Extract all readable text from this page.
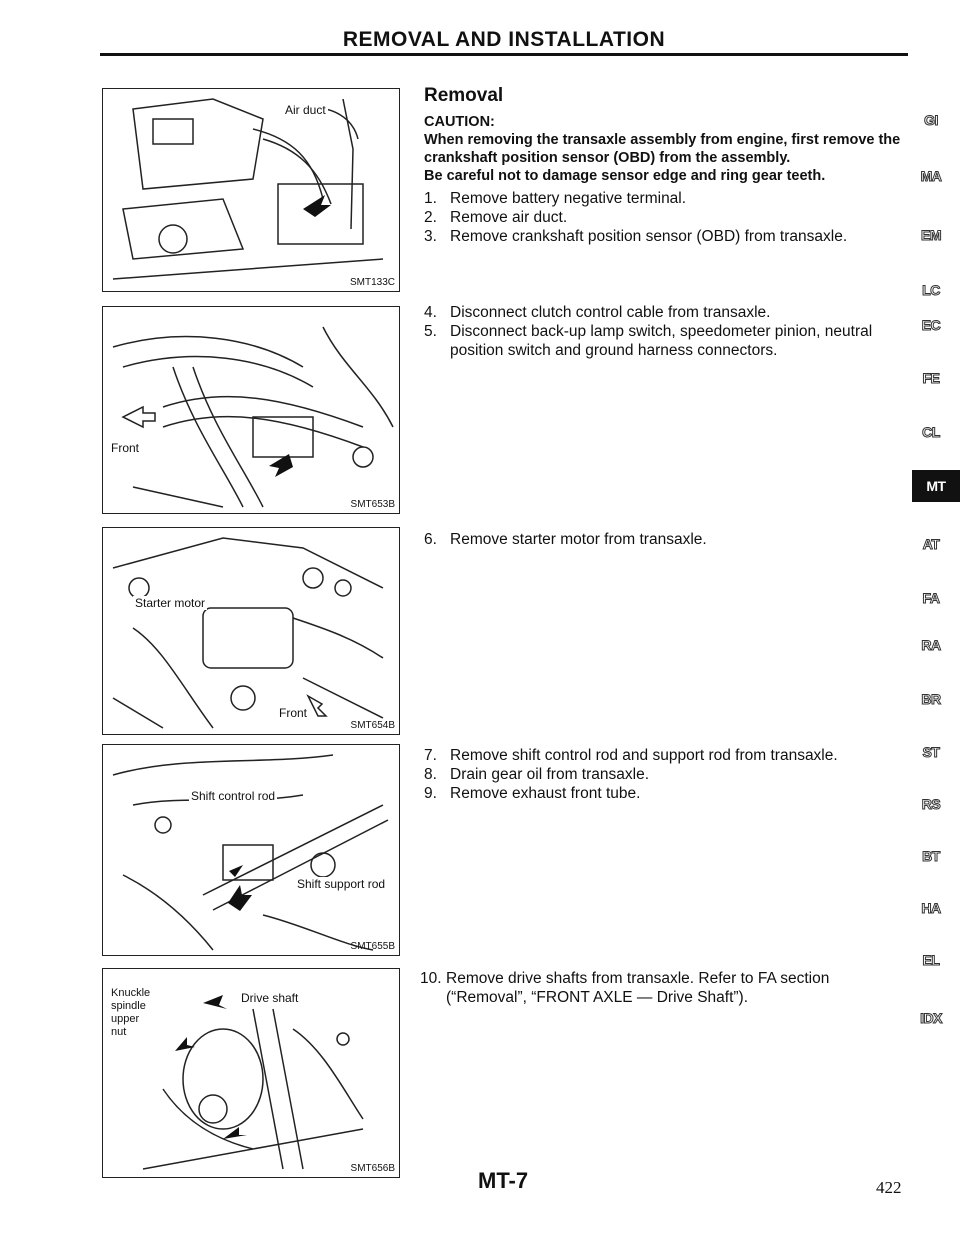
REMOVAL AND INSTALLATION
Air duct
SMT133C
Front
SMT653B
Starter motor
Front
SMT654B
Shift control rod
Shift support rod
SMT655B
Knuckle spindle upper nut
Drive shaft
SMT656B
Removal
CAUTION:
When removing the transaxle assembly from engine, first remove the crankshaft position sensor (OBD) from the assembly.
Be careful not to damage sensor edge and ring gear teeth.
1. Remove battery negative terminal.
2. Remove air duct.
3. Remove crankshaft position sensor (OBD) from transaxle.
4. Disconnect clutch control cable from transaxle.
5. Disconnect back-up lamp switch, speedometer pinion, neutral position switch and ground harness connectors.
6. Remove starter motor from transaxle.
7. Remove shift control rod and support rod from transaxle.
8. Drain gear oil from transaxle.
9. Remove exhaust front tube.
10. Remove drive shafts from transaxle. Refer to FA section (“Removal”, “FRONT AXLE — Drive Shaft”).
GI
MA
EM
LC
EC
FE
CL
MT
AT
FA
RA
BR
ST
RS
BT
HA
EL
IDX
MT-7	422
